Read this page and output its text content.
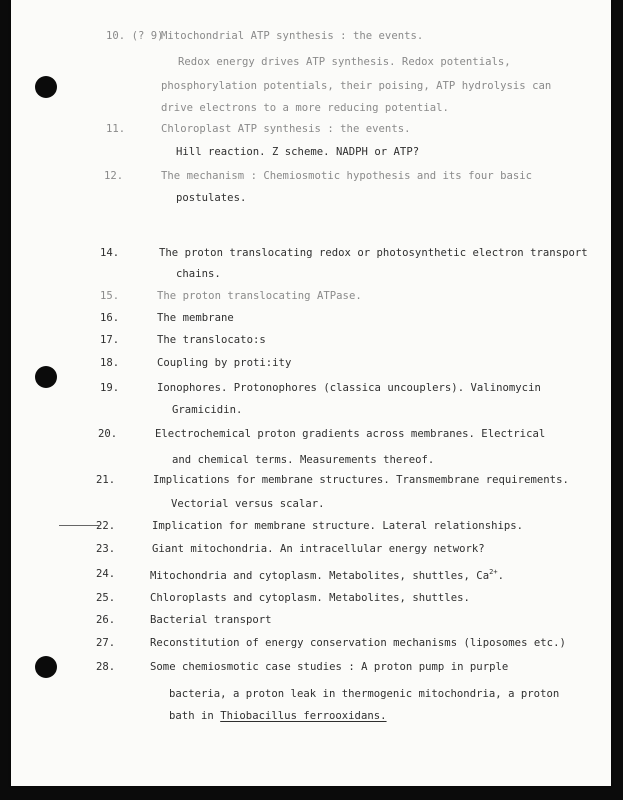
10. (? 9)
Mitochondrial ATP synthesis : the events.
Redox energy drives ATP synthesis. Redox potentials,
phosphorylation potentials, their poising, ATP hydrolysis can
drive electrons to a more reducing potential.
11.	Chloroplast ATP synthesis : the events.
Hill reaction. Z scheme. NADPH or ATP?
12.	The mechanism : Chemiosmotic hypothesis and its four basic
postulates.
14.	The proton translocating redox or photosynthetic electron transport
chains.
15.	The proton translocating ATPase.
16.	The membrane
17.	The translocato:s
18.	Coupling by proti:ity
19.	Ionophores. Protonophores (classica uncouplers). Valinomycin
Gramicidin.
20.	Electrochemical proton gradients across membranes. Electrical
and chemical terms. Measurements thereof.
21.	Implications for membrane structures. Transmembrane requirements.
Vectorial versus scalar.
22.	Implication for membrane structure. Lateral relationships.
23.	Giant mitochondria. An intracellular energy network?
24.	Mitochondria and cytoplasm. Metabolites, shuttles, $Ca^{2+}$.
25.	Chloroplasts and cytoplasm. Metabolites, shuttles.
26.	Bacterial transport
27.	Reconstitution of energy conservation mechanisms (liposomes etc.)
28.	Some chemiosmotic case studies : A proton pump in purple
bacteria, a proton leak in thermogenic mitochondria, a proton
bath in Thiobacillus ferrooxidans.
